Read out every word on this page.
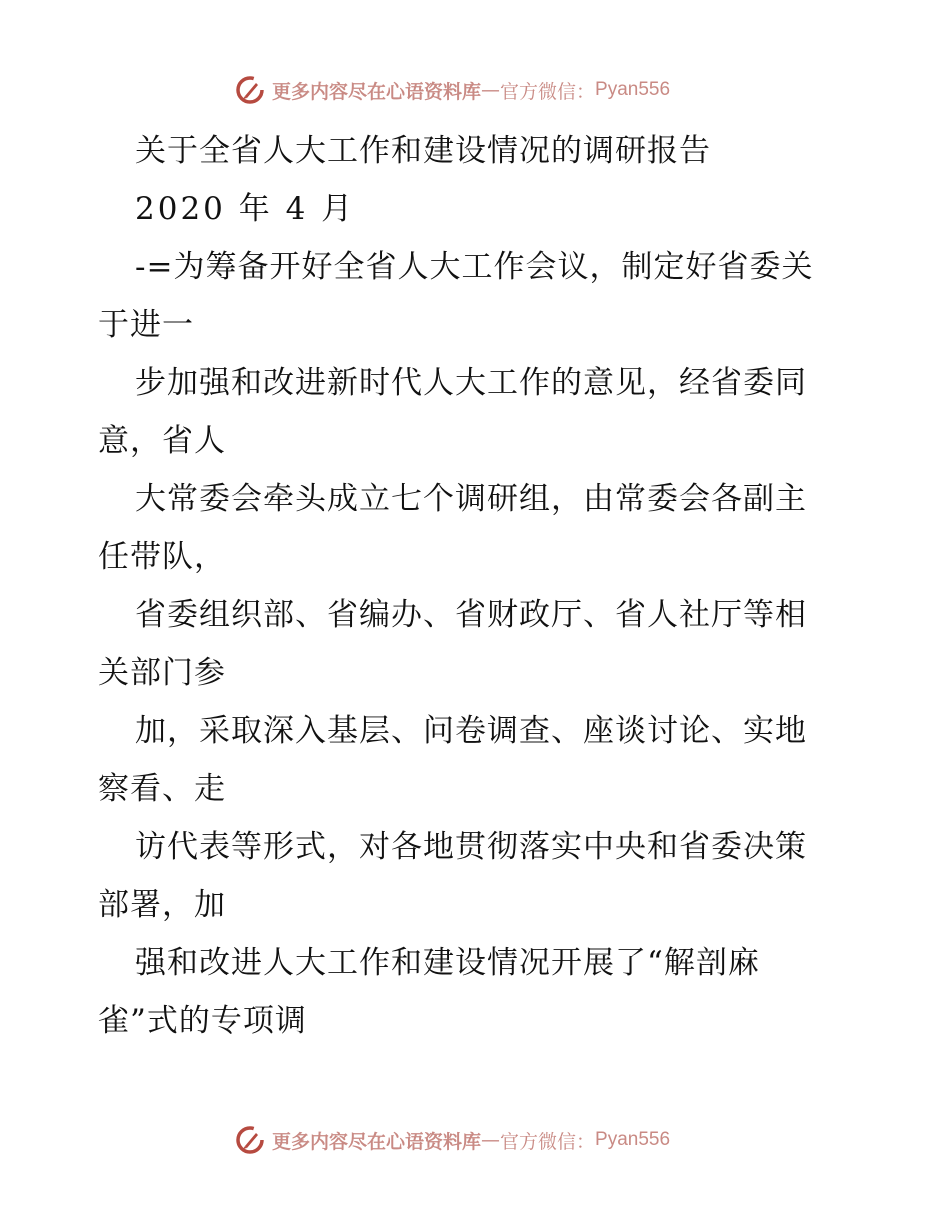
更多内容尽在心语资料库 — 官方微信： Pyan556
关于全省人大工作和建设情况的调研报告
2020 年 4 月
-=为筹备开好全省人大工作会议，制定好省委关
于进一
步加强和改进新时代人大工作的意见，经省委同
意，省人
大常委会牵头成立七个调研组，由常委会各副主
任带队，
省委组织部、省编办、省财政厅、省人社厅等相
关部门参
加，采取深入基层、问卷调查、座谈讨论、实地
察看、走
访代表等形式，对各地贯彻落实中央和省委决策
部署，加
强和改进人大工作和建设情况开展了“解剖麻
雀”式的专项调
更多内容尽在心语资料库 — 官方微信： Pyan556
